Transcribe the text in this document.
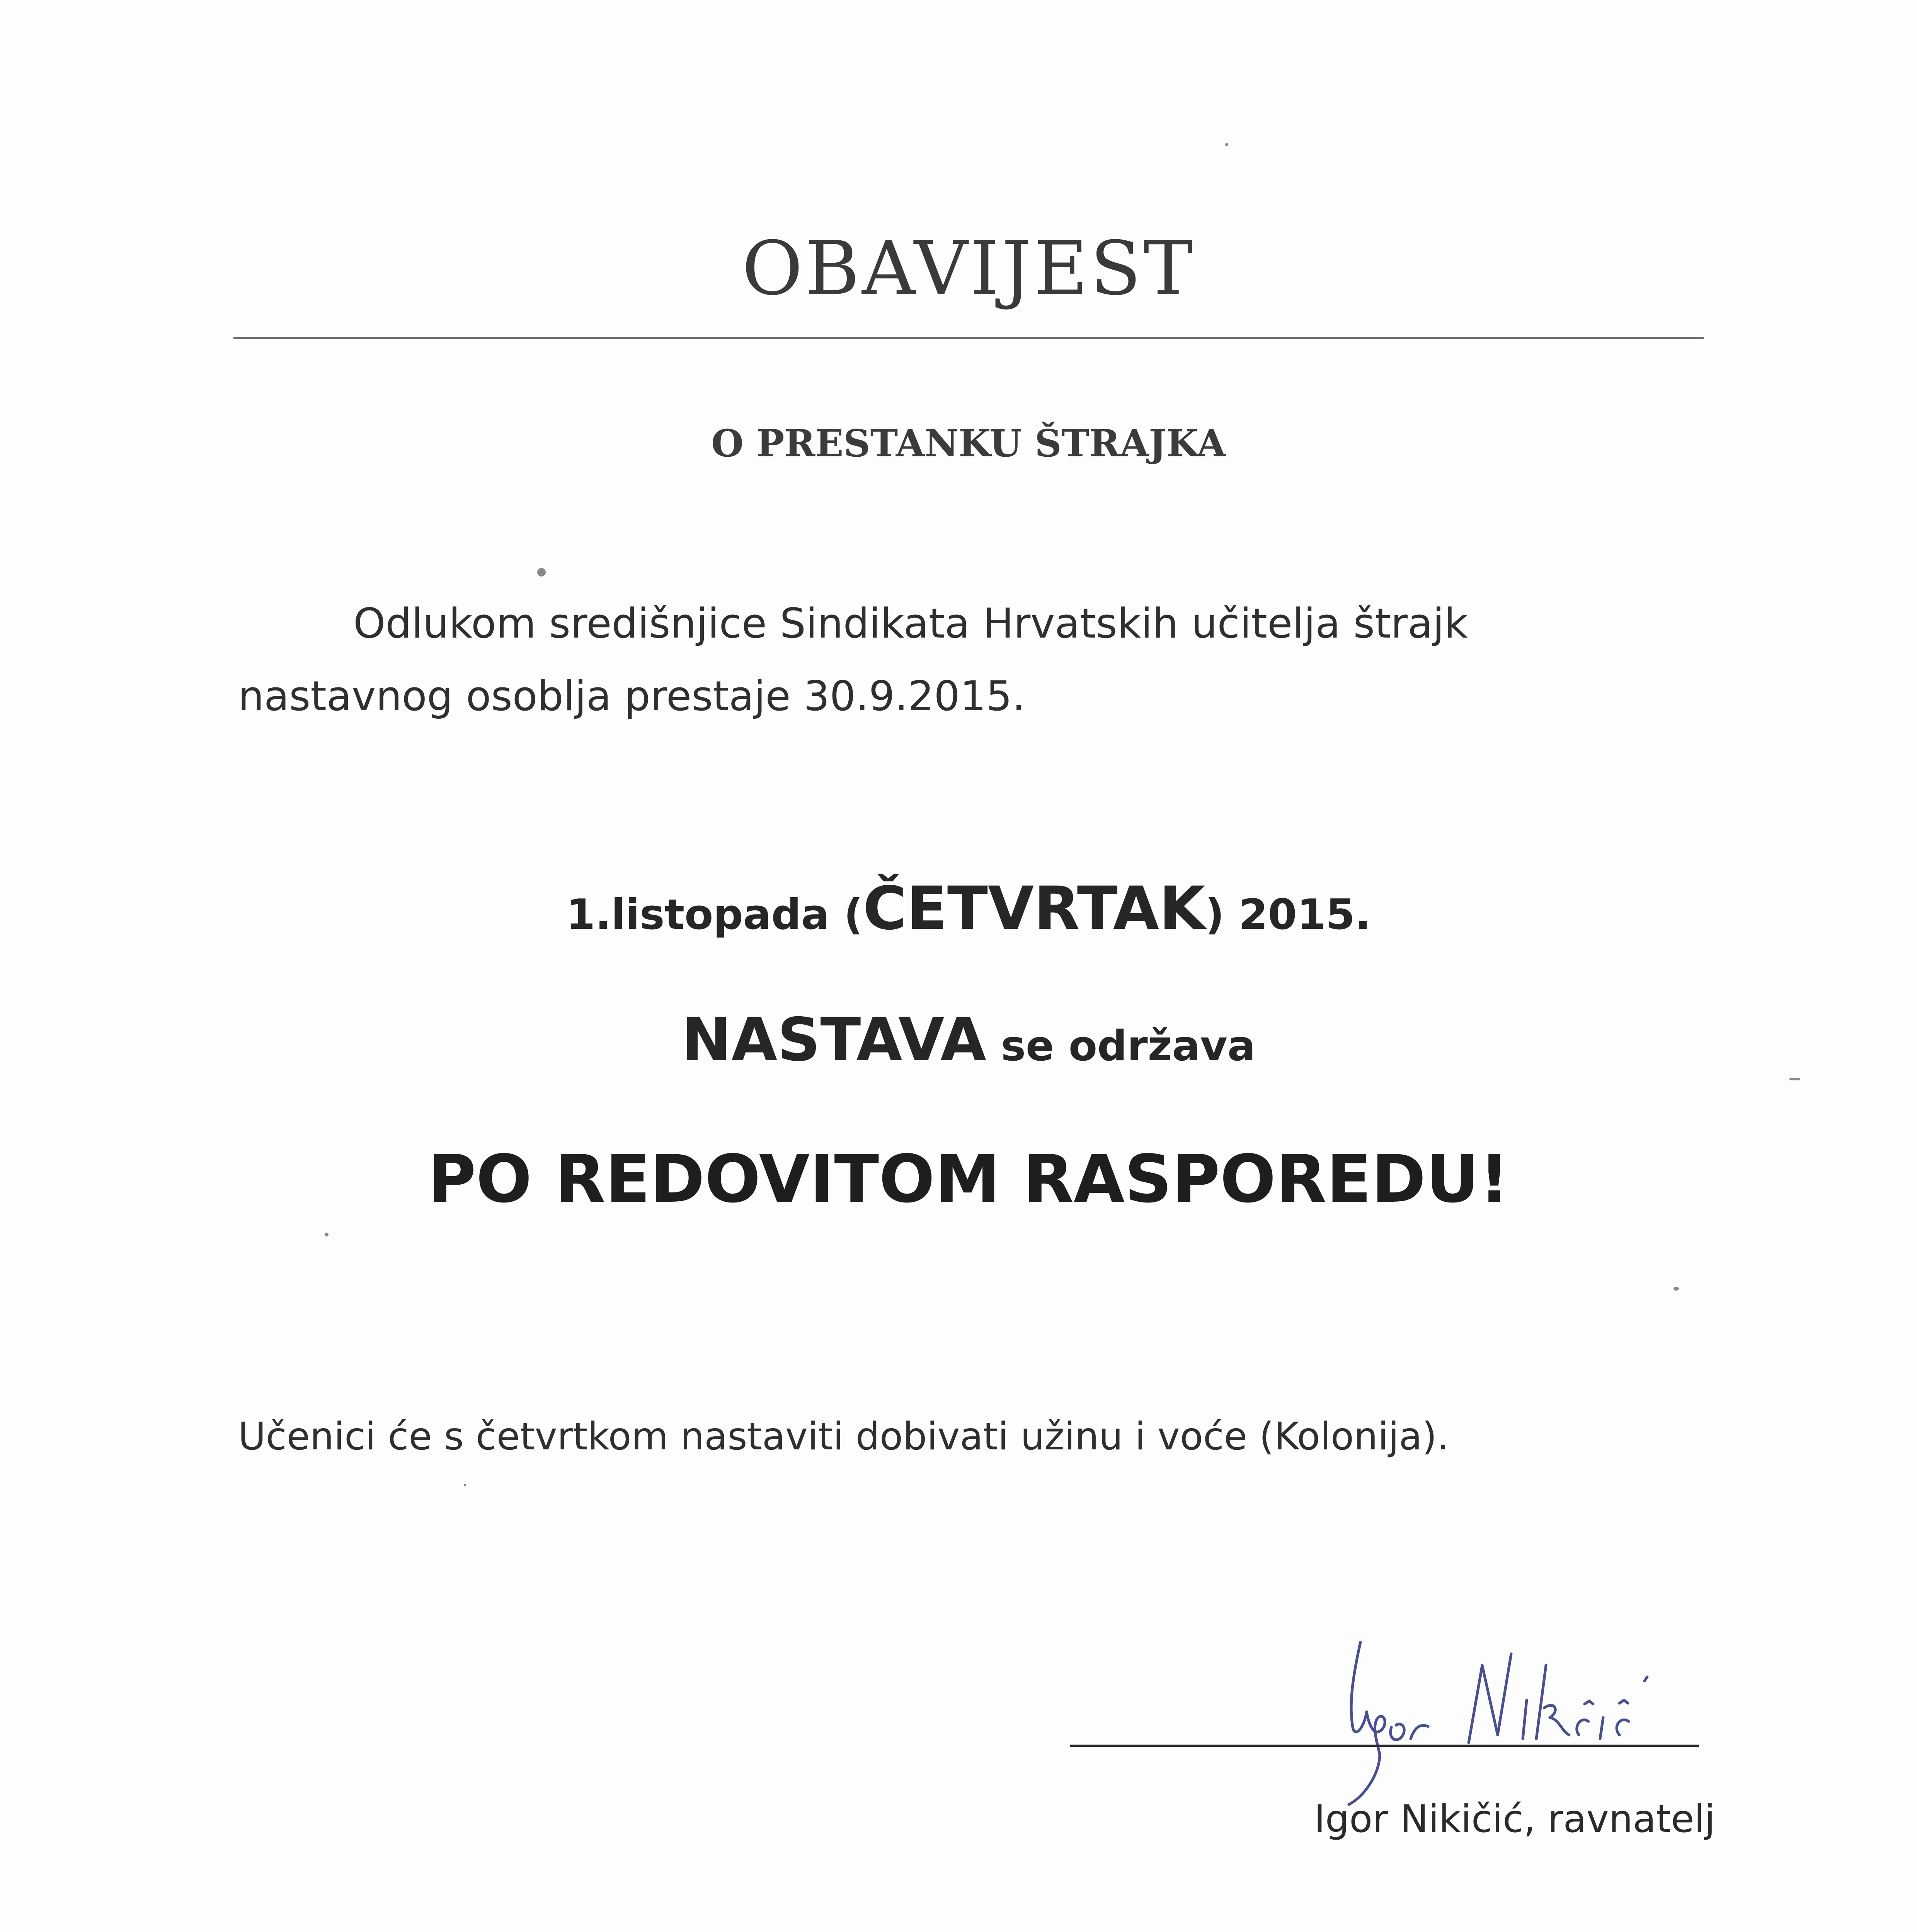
OBAVIJEST
O PRESTANKU ŠTRAJKA
Odlukom središnjice Sindikata Hrvatskih učitelja štrajk
nastavnog osoblja prestaje 30.9.2015.
1.listopada (ČETVRTAK) 2015.
NASTAVA se održava
PO REDOVITOM RASPOREDU!
Učenici će s četvrtkom nastaviti dobivati užinu i voće (Kolonija).
Igor Nikičić, ravnatelj
